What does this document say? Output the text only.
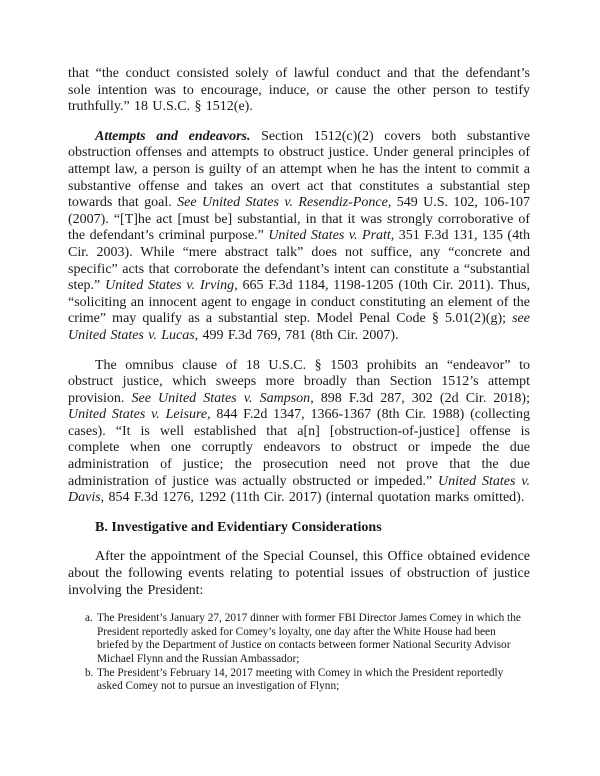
that “the conduct consisted solely of lawful conduct and that the defendant’s sole intention was to encourage, induce, or cause the other person to testify truthfully.” 18 U.S.C. § 1512(e).

Attempts and endeavors. Section 1512(c)(2) covers both substantive obstruction offenses and attempts to obstruct justice. Under general principles of attempt law, a person is guilty of an attempt when he has the intent to commit a substantive offense and takes an overt act that constitutes a substantial step towards that goal. See United States v. Resendiz-Ponce, 549 U.S. 102, 106-107 (2007). “[T]he act [must be] substantial, in that it was strongly corroborative of the defendant’s criminal purpose.” United States v. Pratt, 351 F.3d 131, 135 (4th Cir. 2003). While “mere abstract talk” does not suffice, any “concrete and specific” acts that corroborate the defendant’s intent can constitute a “substantial step.” United States v. Irving, 665 F.3d 1184, 1198-1205 (10th Cir. 2011). Thus, “soliciting an innocent agent to engage in conduct constituting an element of the crime” may qualify as a substantial step. Model Penal Code § 5.01(2)(g); see United States v. Lucas, 499 F.3d 769, 781 (8th Cir. 2007).

The omnibus clause of 18 U.S.C. § 1503 prohibits an “endeavor” to obstruct justice, which sweeps more broadly than Section 1512’s attempt provision. See United States v. Sampson, 898 F.3d 287, 302 (2d Cir. 2018); United States v. Leisure, 844 F.2d 1347, 1366-1367 (8th Cir. 1988) (collecting cases). “It is well established that a[n] [obstruction-of-justice] offense is complete when one corruptly endeavors to obstruct or impede the due administration of justice; the prosecution need not prove that the due administration of justice was actually obstructed or impeded.” United States v. Davis, 854 F.3d 1276, 1292 (11th Cir. 2017) (internal quotation marks omitted).

B. Investigative and Evidentiary Considerations

After the appointment of the Special Counsel, this Office obtained evidence about the following events relating to potential issues of obstruction of justice involving the President:

a. The President’s January 27, 2017 dinner with former FBI Director James Comey in which the President reportedly asked for Comey’s loyalty, one day after the White House had been briefed by the Department of Justice on contacts between former National Security Advisor Michael Flynn and the Russian Ambassador;
b. The President’s February 14, 2017 meeting with Comey in which the President reportedly asked Comey not to pursue an investigation of Flynn;
